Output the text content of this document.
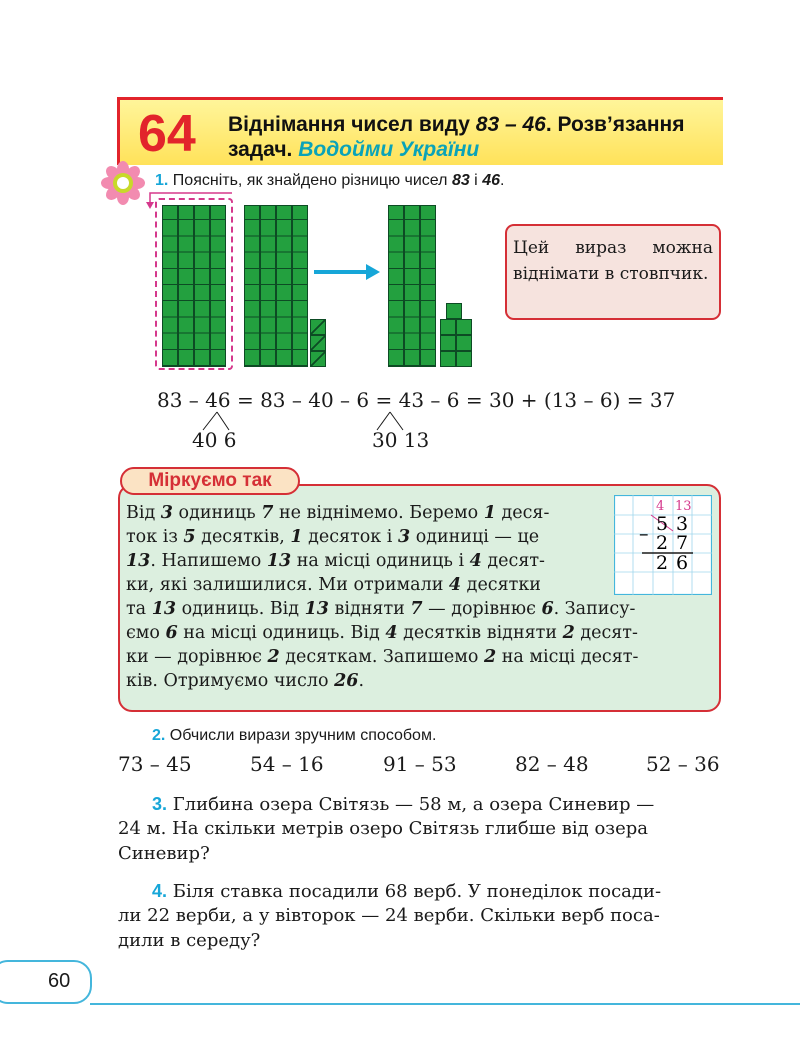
64 Віднімання чисел виду 83 – 46. Розв’язання задач. Водойми України
1. Поясніть, як знайдено різницю чисел 83 і 46.
Цей вираз можна віднімати в стовпчик.
83 – 46 = 83 – 40 – 6 = 43 – 6 = 30 + (13 – 6) = 37
40 6	30 13
Міркуємо так
Від 3 одиниць 7 не віднімемо. Беремо 1 деся-
ток із 5 десятків, 1 десяток і 3 одиниці — це
13. Напишемо 13 на місці одиниць і 4 десят-
ки, які залишилися. Ми отримали 4 десятки
та 13 одиниць. Від 13 відняти 7 — дорівнює 6. Запису-
ємо 6 на місці одиниць. Від 4 десятків відняти 2 десят-
ки — дорівнює 2 десяткам. Запишемо 2 на місці десят-
ків. Отримуємо число 26.
4 13
– 5 3
2 7
2 6
2. Обчисли вирази зручним способом.
73 – 45	54 – 16	91 – 53	82 – 48	52 – 36
3. Глибина озера Світязь — 58 м, а озера Синевир —
24 м. На скільки метрів озеро Світязь глибше від озера
Синевир?
4. Біля ставка посадили 68 верб. У понеділок посади-
ли 22 верби, а у вівторок — 24 верби. Скільки верб поса-
дили в середу?
60
